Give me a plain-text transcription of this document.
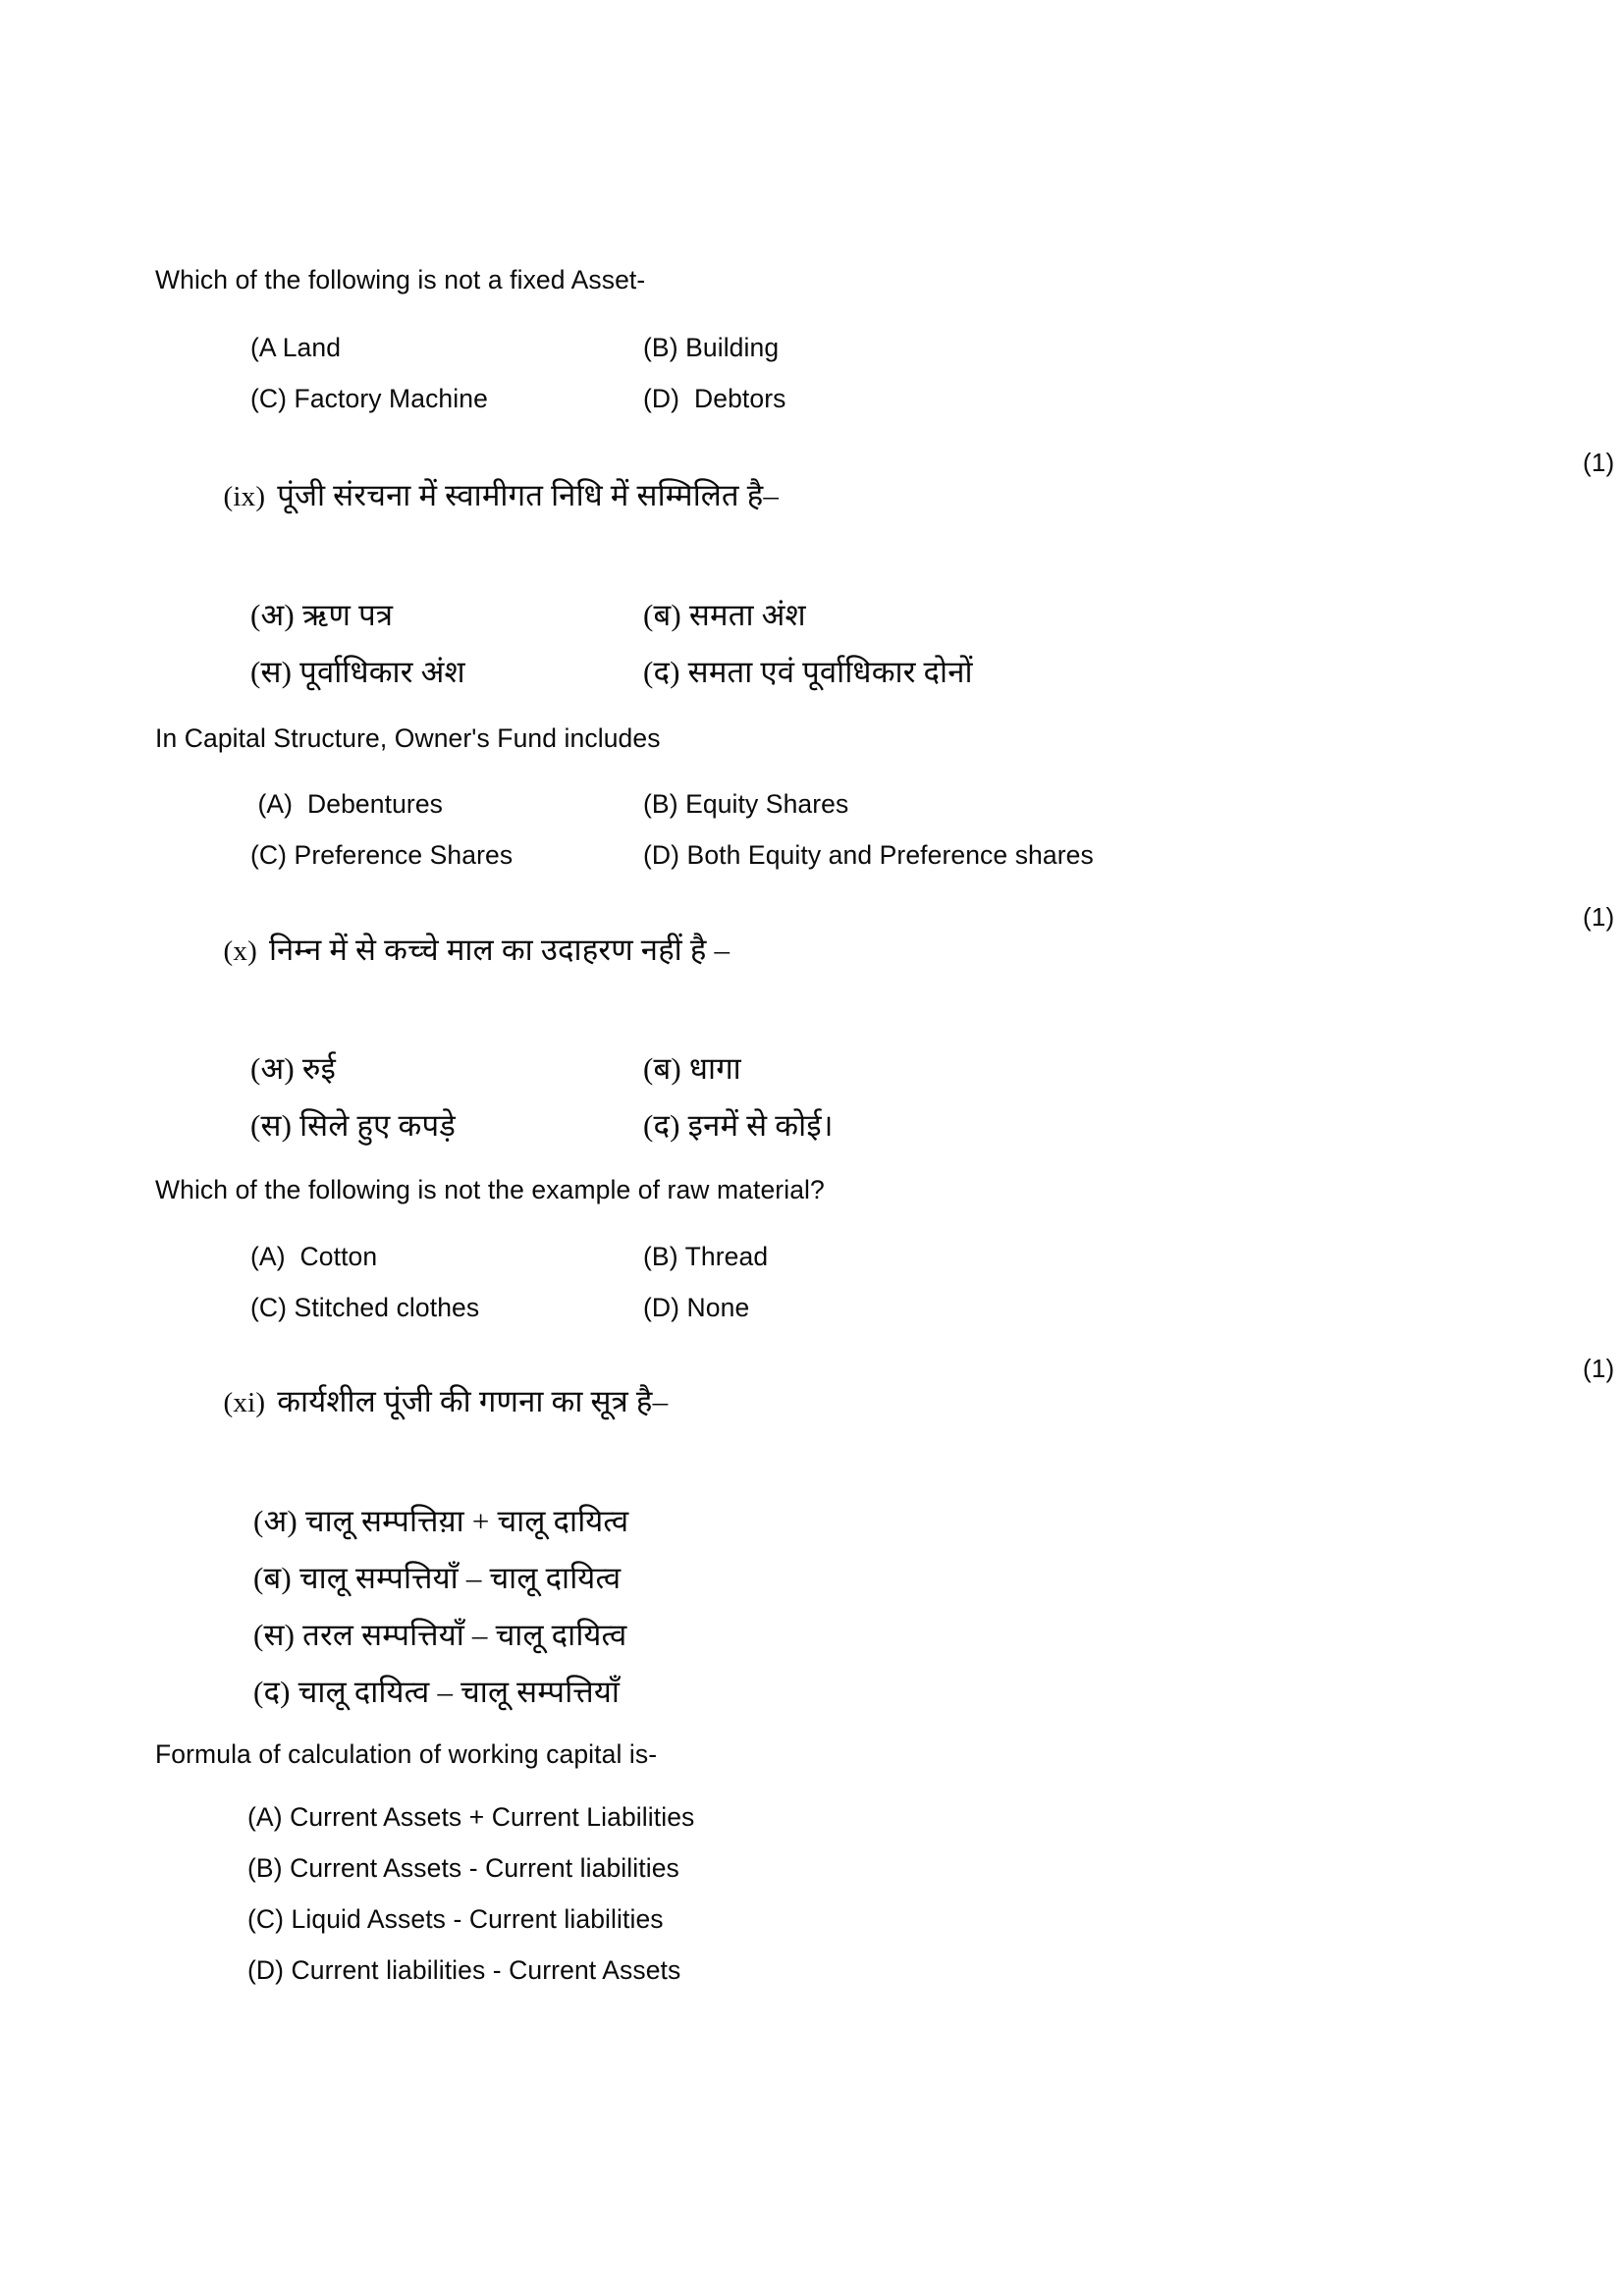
Which of the following is not a fixed Asset-
(A Land	(B) Building
(C) Factory Machine	(D)  Debtors

(ix) पूंजी संरचना में स्वामीगत निधि में सम्मिलित है–

(1)

(अ) ऋण पत्र	(ब) समता अंश
(स) पूर्वाधिकार अंश	(द) समता एवं पूर्वाधिकार दोनों
In Capital Structure, Owner's Fund includes
(A)  Debentures	(B) Equity Shares
(C) Preference Shares	(D) Both Equity and Preference shares

(x) निम्न में से कच्चे माल का उदाहरण नहीं है –

(1)

(अ) रुई	(ब) धागा
(स) सिले हुए कपड़े	(द) इनमें से कोई।
Which of the following is not the example of raw material?
(A)  Cotton	(B) Thread
(C) Stitched clothes	(D) None

(xi) कार्यशील पूंजी की गणना का सूत्र है–

(1)

(अ) चालू सम्पत्तिय़ा + चालू दायित्व
(ब) चालू सम्पत्तियाँ – चालू दायित्व
(स) तरल सम्पत्तियाँ – चालू दायित्व
(द) चालू दायित्व – चालू सम्पत्तियाँ
Formula of calculation of working capital is-
(A) Current Assets + Current Liabilities
(B) Current Assets - Current liabilities
(C) Liquid Assets - Current liabilities
(D) Current liabilities - Current Assets
